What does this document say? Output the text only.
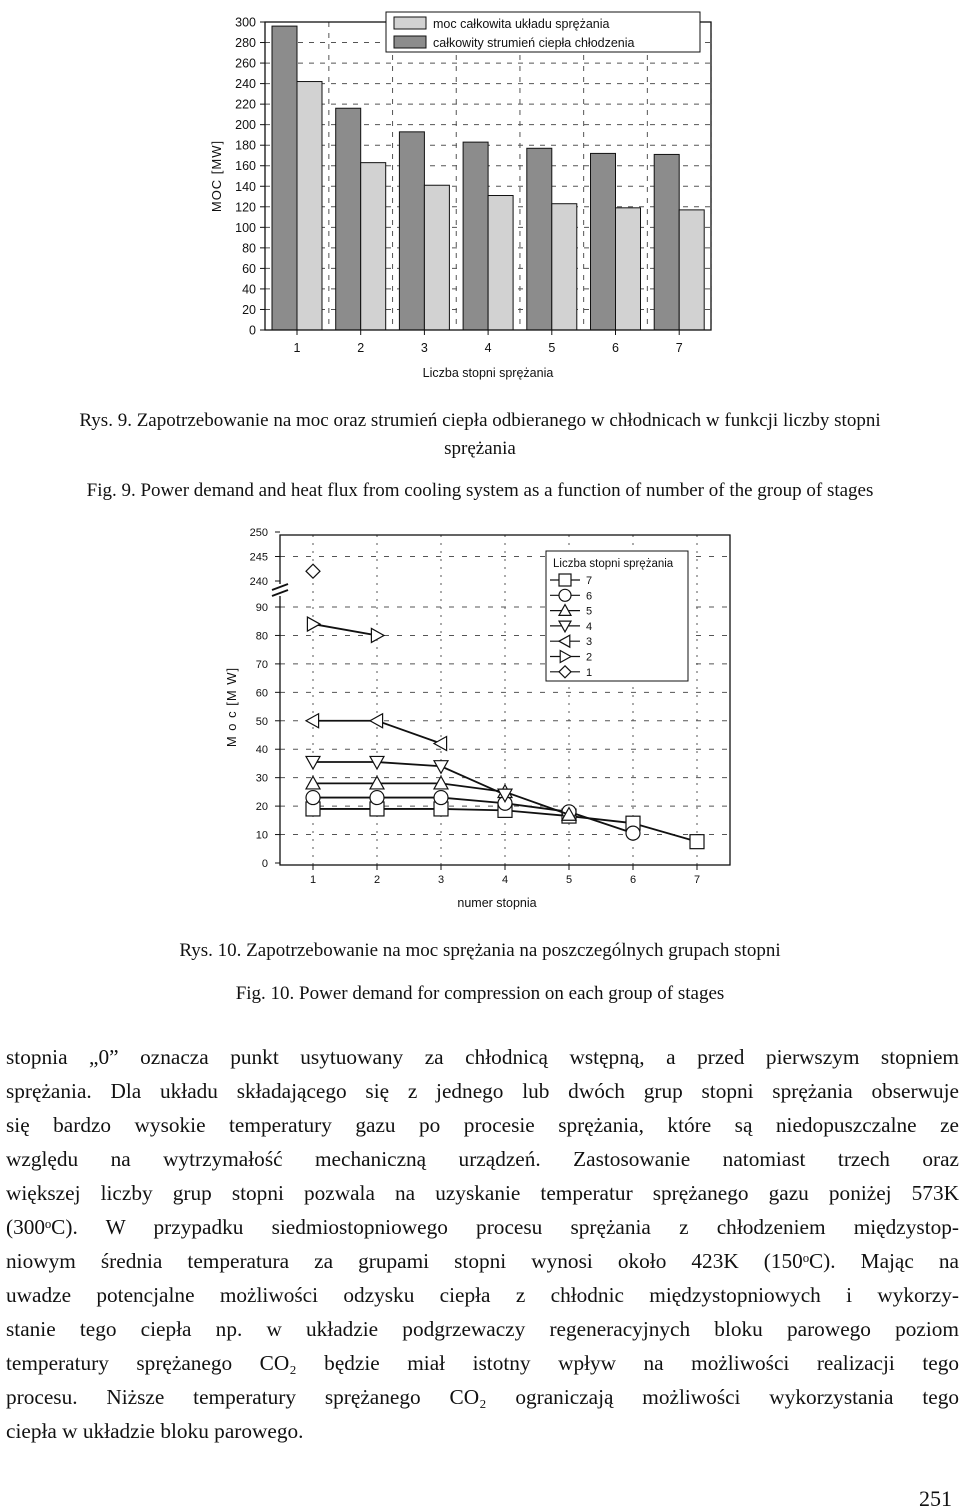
0
20
40
60
80
100
120
140
160
180
200
220
240
260
280
300
1	2	3	4	5	6	7
Liczba stopni sprężania
MOC [MW]
moc całkowita układu sprężania
całkowity strumień ciepła chłodzenia
Rys. 9. Zapotrzebowanie na moc oraz strumień ciepła odbieranego w chłodnicach w funkcji liczby stopni
sprężania
Fig. 9. Power demand and heat flux from cooling system as a function of number of the group of stages
0
10
20
30
40
50
60
70
80
90
240
245
250
1	2	3	4	5	6	7
numer stopnia
M o c [M W]
Liczba stopni sprężania
7
6
5
4
3
2
1
Rys. 10. Zapotrzebowanie na moc sprężania na poszczególnych grupach stopni
Fig. 10. Power demand for compression on each group of stages
stopnia „0” oznacza punkt usytuowany za chłodnicą wstępną, a przed pierwszym stopniem
sprężania. Dla układu składającego się z jednego lub dwóch grup stopni sprężania obserwuje
się bardzo wysokie temperatury gazu po procesie sprężania, które są niedopuszczalne ze
względu na wytrzymałość mechaniczną urządzeń. Zastosowanie natomiast trzech oraz
większej liczby grup stopni pozwala na uzyskanie temperatur sprężanego gazu poniżej 573K
(300ᵒC). W przypadku siedmiostopniowego procesu sprężania z chłodzeniem międzystop-
niowym średnia temperatura za grupami stopni wynosi około 423K (150ᵒC). Mając na
uwadze potencjalne możliwości odzysku ciepła z chłodnic międzystopniowych i wykorzy-
stanie tego ciepła np. w układzie podgrzewaczy regeneracyjnych bloku parowego poziom
temperatury sprężanego CO₂ będzie miał istotny wpływ na możliwości realizacji tego
procesu. Niższe temperatury sprężanego CO₂ ograniczają możliwości wykorzystania tego
ciepła w układzie bloku parowego.
251
